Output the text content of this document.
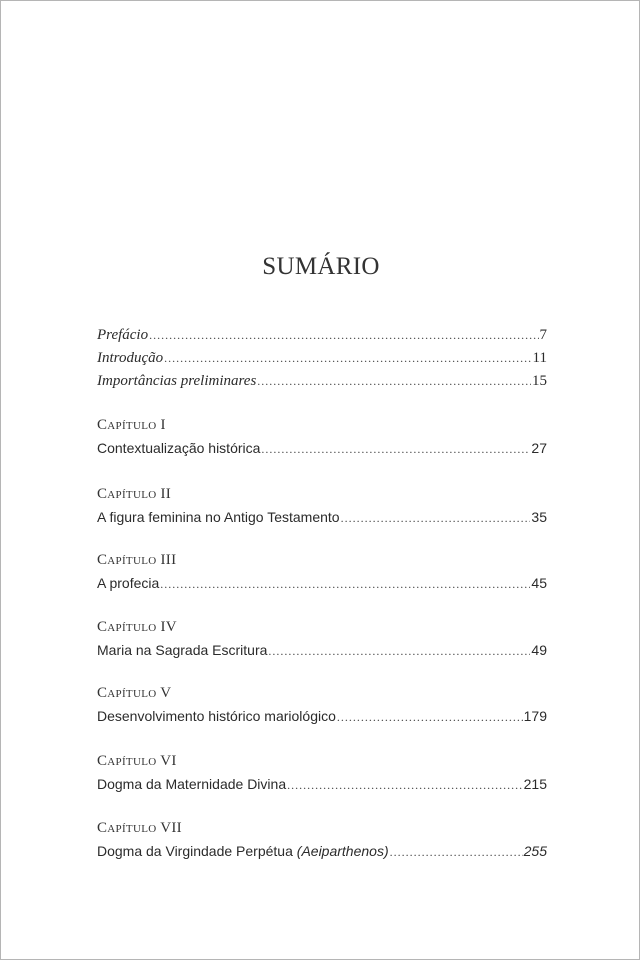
SUMÁRIO
Prefácio .....	7
Introdução .....	11
Importâncias preliminares .....	15
Capítulo I
Contextualização histórica .....	27
Capítulo II
A figura feminina no Antigo Testamento .....	35
Capítulo III
A profecia .....	45
Capítulo IV
Maria na Sagrada Escritura .....	49
Capítulo V
Desenvolvimento histórico mariológico .....	179
Capítulo VI
Dogma da Maternidade Divina .....	215
Capítulo VII
Dogma da Virgindade Perpétua (Aeiparthenos) .....	255
